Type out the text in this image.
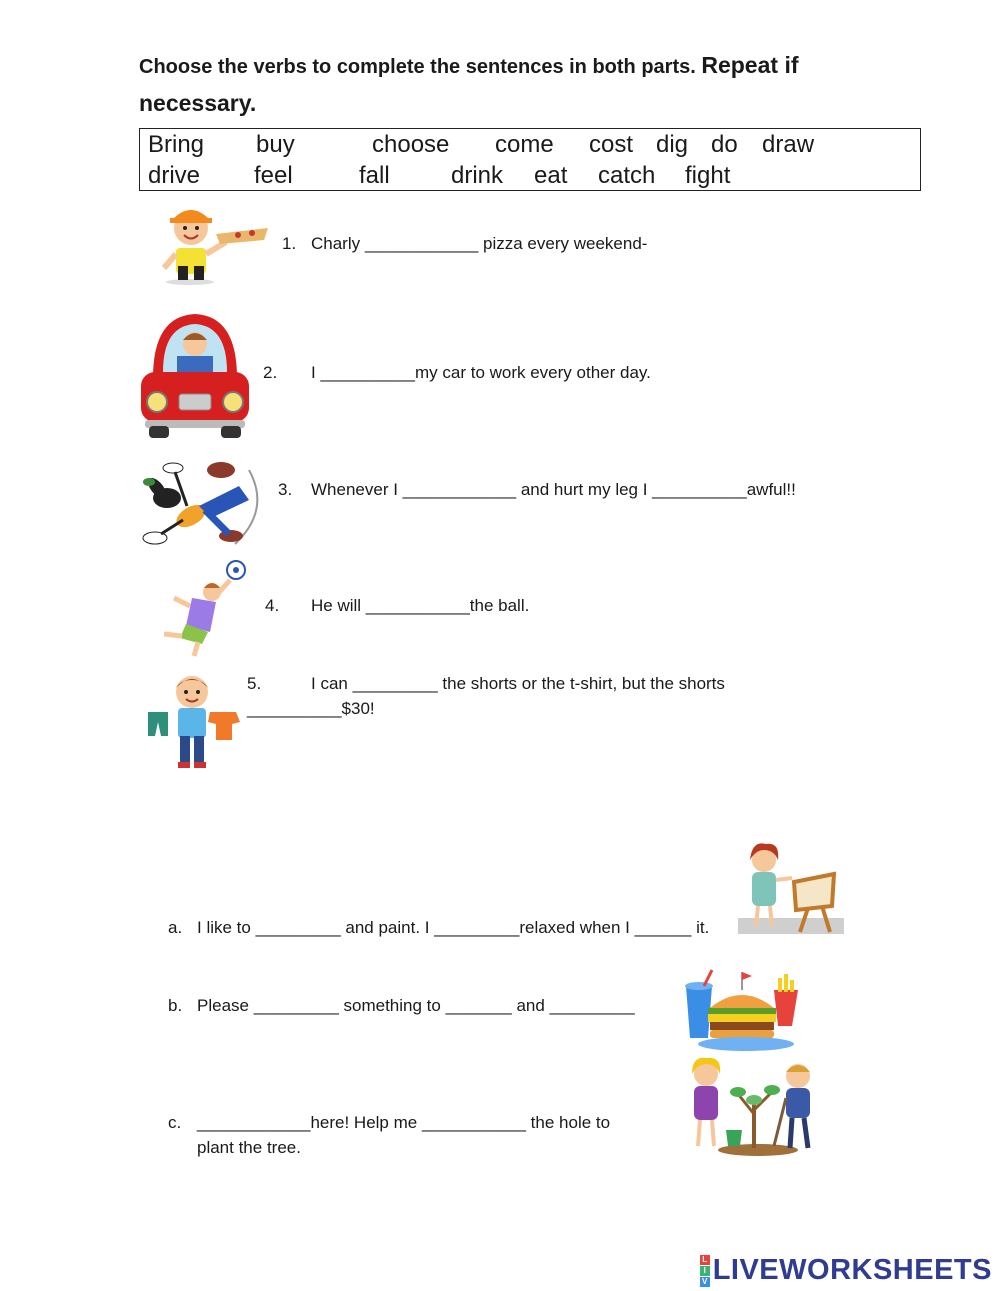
Choose the verbs to complete the sentences in both parts. Repeat if
necessary.
Bring buy	choose come cost dig do draw
drive feel	fall	drink eat catch fight
1. Charly ____________ pizza every weekend-
2. I __________my car to work every other day.
3. Whenever I ____________ and hurt my leg I __________awful!!
4. He will ___________the ball.
5.	I can _________ the shorts or the t-shirt, but the shorts
__________$30!
a. I like to _________ and paint. I _________relaxed when I ______ it.
b. Please _________ something to _______ and _________
c. ____________here! Help me ___________ the hole to
plant the tree.
L
I
V LIVEWORKSHEETS
